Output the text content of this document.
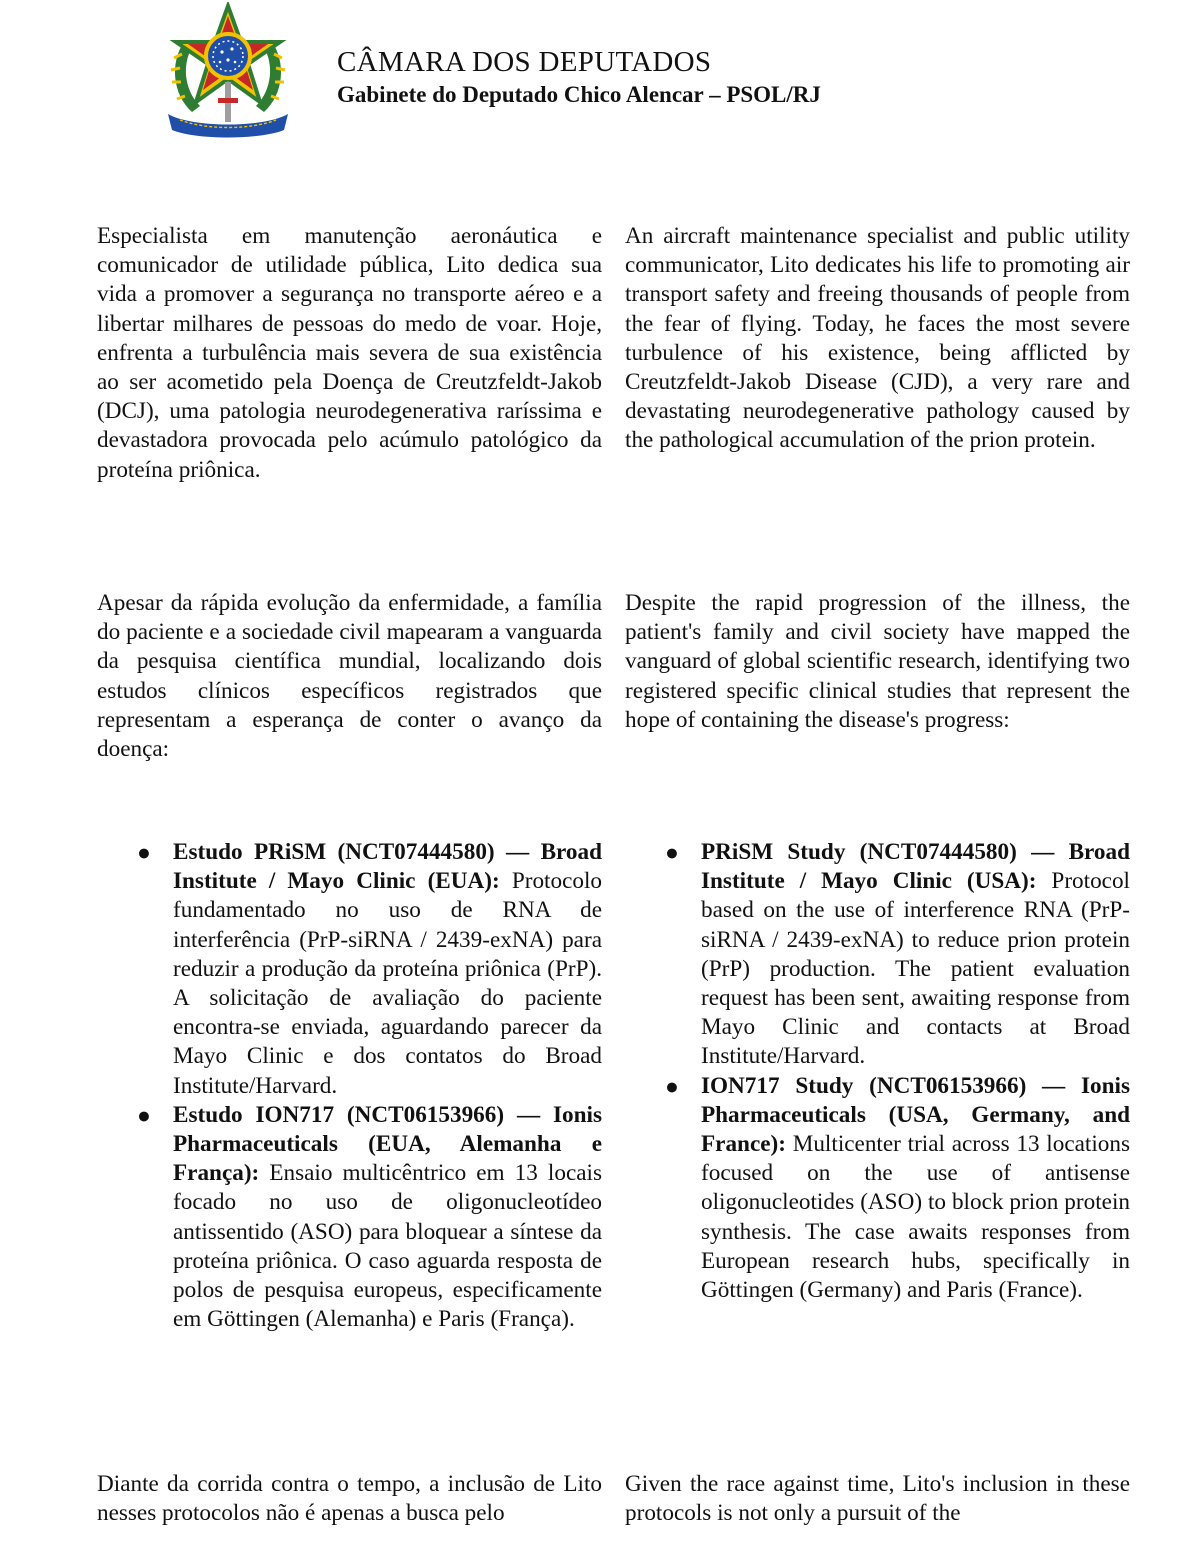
CÂMARA DOS DEPUTADOS
Gabinete do Deputado Chico Alencar – PSOL/RJ

Especialista em manutenção aeronáutica e comunicador de utilidade pública, Lito dedica sua vida a promover a segurança no transporte aéreo e a libertar milhares de pessoas do medo de voar. Hoje, enfrenta a turbulência mais severa de sua existência ao ser acometido pela Doença de Creutzfeldt-Jakob (DCJ), uma patologia neurodegenerativa raríssima e devastadora provocada pelo acúmulo patológico da proteína priônica.

An aircraft maintenance specialist and public utility communicator, Lito dedicates his life to promoting air transport safety and freeing thousands of people from the fear of flying. Today, he faces the most severe turbulence of his existence, being afflicted by Creutzfeldt-Jakob Disease (CJD), a very rare and devastating neurodegenerative pathology caused by the pathological accumulation of the prion protein.

Apesar da rápida evolução da enfermidade, a família do paciente e a sociedade civil mapearam a vanguarda da pesquisa científica mundial, localizando dois estudos clínicos específicos registrados que representam a esperança de conter o avanço da doença:

Despite the rapid progression of the illness, the patient's family and civil society have mapped the vanguard of global scientific research, identifying two registered specific clinical studies that represent the hope of containing the disease's progress:

● Estudo PRiSM (NCT07444580) — Broad Institute / Mayo Clinic (EUA): Protocolo fundamentado no uso de RNA de interferência (PrP-siRNA / 2439-exNA) para reduzir a produção da proteína priônica (PrP). A solicitação de avaliação do paciente encontra-se enviada, aguardando parecer da Mayo Clinic e dos contatos do Broad Institute/Harvard.
● Estudo ION717 (NCT06153966) — Ionis Pharmaceuticals (EUA, Alemanha e França): Ensaio multicêntrico em 13 locais focado no uso de oligonucleotídeo antissentido (ASO) para bloquear a síntese da proteína priônica. O caso aguarda resposta de polos de pesquisa europeus, especificamente em Göttingen (Alemanha) e Paris (França).
● PRiSM Study (NCT07444580) — Broad Institute / Mayo Clinic (USA): Protocol based on the use of interference RNA (PrP-siRNA / 2439-exNA) to reduce prion protein (PrP) production. The patient evaluation request has been sent, awaiting response from Mayo Clinic and contacts at Broad Institute/Harvard.
● ION717 Study (NCT06153966) — Ionis Pharmaceuticals (USA, Germany, and France): Multicenter trial across 13 locations focused on the use of antisense oligonucleotides (ASO) to block prion protein synthesis. The case awaits responses from European research hubs, specifically in Göttingen (Germany) and Paris (France).

Diante da corrida contra o tempo, a inclusão de Lito nesses protocolos não é apenas a busca pelo

Given the race against time, Lito's inclusion in these protocols is not only a pursuit of the
